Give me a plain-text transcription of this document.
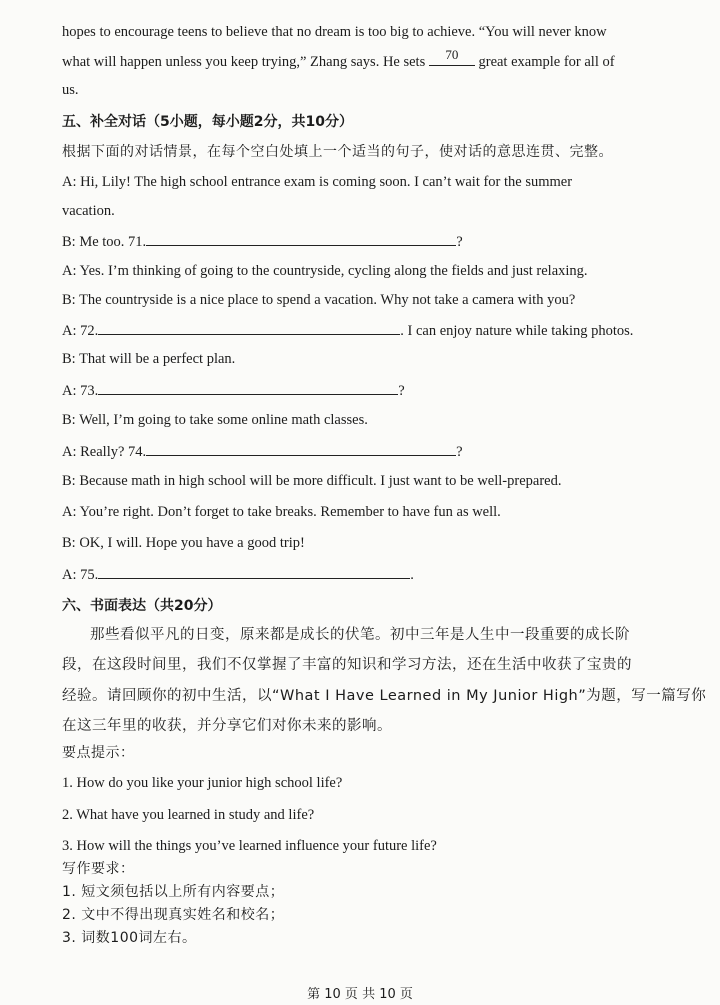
hopes to encourage teens to believe that no dream is too big to achieve. “You will never know
what will happen unless you keep trying,” Zhang says. He sets	70	great example for all of
us.
五、补全对话（5小题，每小题2分，共10分）
根据下面的对话情景，在每个空白处填上一个适当的句子，使对话的意思连贯、完整。
A: Hi, Lily! The high school entrance exam is coming soon. I can’t wait for the summer
vacation.
B: Me too. 71.	?
A: Yes. I’m thinking of going to the countryside, cycling along the fields and just relaxing.
B: The countryside is a nice place to spend a vacation. Why not take a camera with you?
A: 72.	. I can enjoy nature while taking photos.
B: That will be a perfect plan.
A: 73.	?
B: Well, I’m going to take some online math classes.
A: Really? 74.	?
B: Because math in high school will be more difficult. I just want to be well-prepared.
A: You’re right. Don’t forget to take breaks. Remember to have fun as well.
B: OK, I will. Hope you have a good trip!
A: 75.	.
六、书面表达（共20分）
那些看似平凡的日变，原来都是成长的伏笔。初中三年是人生中一段重要的成长阶
段，在这段时间里，我们不仅掌握了丰富的知识和学习方法，还在生活中收获了宝贵的
经验。请回顾你的初中生活，以“What I Have Learned in My Junior High”为题，写一篇写你
在这三年里的收获，并分享它们对你未来的影响。
要点提示：
1. How do you like your junior high school life?
2. What have you learned in study and life?
3. How will the things you’ve learned influence your future life?
写作要求：
1. 短文须包括以上所有内容要点；
2. 文中不得出现真实姓名和校名；
3. 词数100词左右。
第 10 页 共 10 页
